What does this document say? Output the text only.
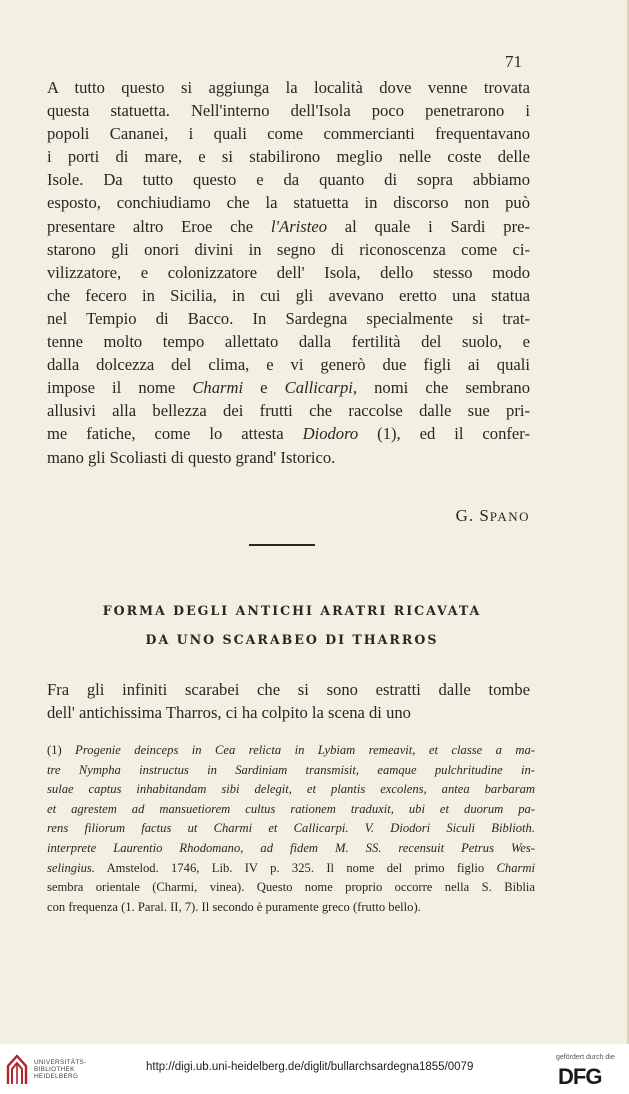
71
A tutto questo si aggiunga la località dove venne trovata
questa statuetta. Nell'interno dell'Isola poco penetrarono i
popoli Cananei, i quali come commercianti frequentavano
i porti di mare, e si stabilirono meglio nelle coste delle
Isole. Da tutto questo e da quanto di sopra abbiamo
esposto, conchiudiamo che la statuetta in discorso non può
presentare altro Eroe che l'Aristeo al quale i Sardi pre-
starono gli onori divini in segno di riconoscenza come ci-
vilizzatore, e colonizzatore dell' Isola, dello stesso modo
che fecero in Sicilia, in cui gli avevano eretto una statua
nel Tempio di Bacco. In Sardegna specialmente si trat-
tenne molto tempo allettato dalla fertilità del suolo, e
dalla dolcezza del clima, e vi generò due figli ai quali
impose il nome Charmi e Callicarpi, nomi che sembrano
allusivi alla bellezza dei frutti che raccolse dalle sue pri-
me fatiche, come lo attesta Diodoro (1), ed il confer-
mano gli Scoliasti di questo grand' Istorico.
G. SPANO
FORMA DEGLI ANTICHI ARATRI RICAVATA
DA UNO SCARABEO DI THARROS
Fra gli infiniti scarabei che si sono estratti dalle tombe
dell' antichissima Tharros, ci ha colpito la scena di uno
(1) Progenie deinceps in Cea relicta in Lybiam remeavit, et classe a ma-
tre Nympha instructus in Sardiniam transmisit, eamque pulchritudine in-
sulae captus inhabitandam sibi delegit, et plantis excolens, antea barbaram
et agrestem ad mansuetiorem cultus rationem traduxit, ubi et duorum pa-
rens filiorum factus ut Charmi et Callicarpi. V. Diodori Siculi Biblioth.
interprete Laurentio Rhodomano, ad fidem M. SS. recensuit Petrus Wes-
selingius. Amstelod. 1746, Lib. IV p. 325. Il nome del primo figlio Charmi
sembra orientale (Charmi, vinea). Questo nome proprio occorre nella S. Biblia
con frequenza (1. Paral. II, 7). Il secondo è puramente greco (frutto bello).
UNIVERSITÄTS-
BIBLIOTHEK
HEIDELBERG
http://digi.ub.uni-heidelberg.de/diglit/bullarchsardegna1855/0079
gefördert durch die
DFG
